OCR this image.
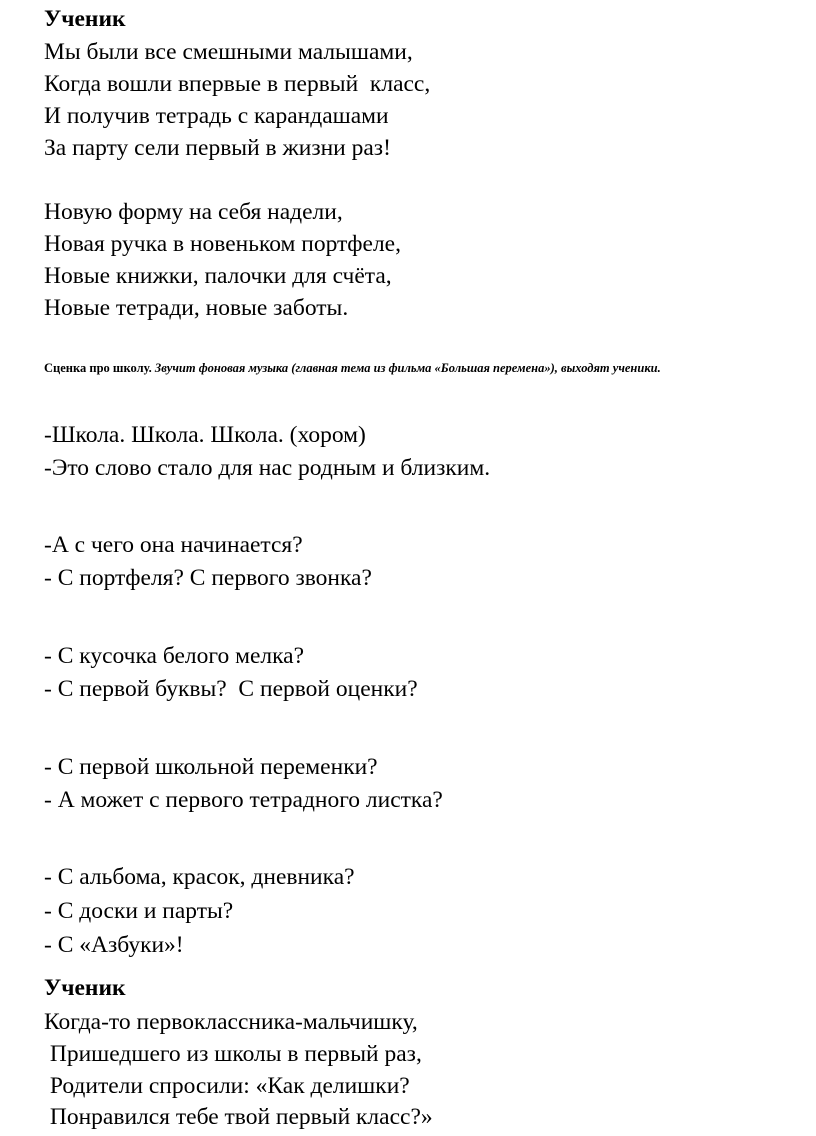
Ученик
Мы были все смешными малышами,
Когда вошли впервые в первый  класс,
И получив тетрадь с карандашами
За парту сели первый в жизни раз!
Новую форму на себя надели,
Новая ручка в новеньком портфеле,
Новые книжки, палочки для счёта,
Новые тетради, новые заботы.
Сценка про школу. Звучит фоновая музыка (главная тема из фильма «Большая перемена»), выходят ученики.
-Школа. Школа. Школа. (хором)
-Это слово стало для нас родным и близким.
-А с чего она начинается?
- С портфеля? С первого звонка?
- С кусочка белого мелка?
- С первой буквы?  С первой оценки?
- С первой школьной переменки?
- А может с первого тетрадного листка?
- С альбома, красок, дневника?
- С доски и парты?
- С «Азбуки»!
Ученик
Когда-то первоклассника-мальчишку,
Пришедшего из школы в первый раз,
Родители спросили: «Как делишки?
Понравился тебе твой первый класс?»
